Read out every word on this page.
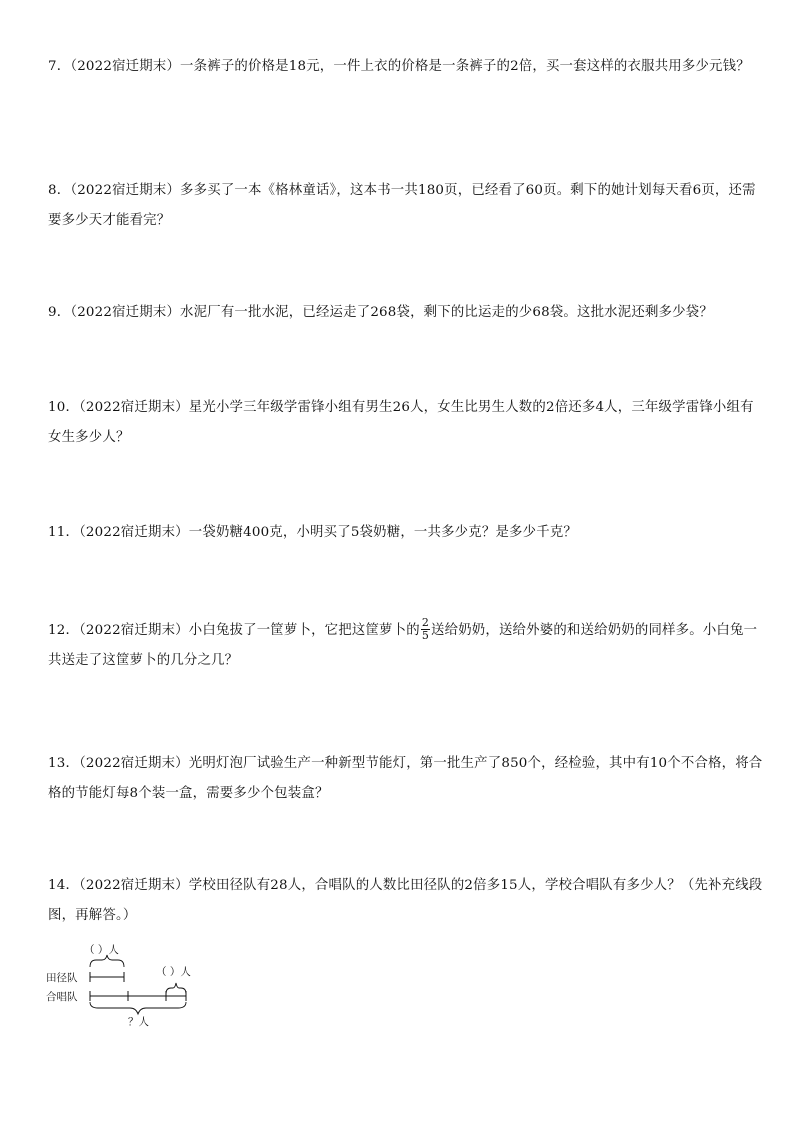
7．（2022宿迁期末）一条裤子的价格是18元，一件上衣的价格是一条裤子的2倍，买一套这样的衣服共用多少元钱？

8．（2022宿迁期末）多多买了一本《格林童话》，这本书一共180页，已经看了60页。剩下的她计划每天看6页，还需要多少天才能看完？

9．（2022宿迁期末）水泥厂有一批水泥，已经运走了268袋，剩下的比运走的少68袋。这批水泥还剩多少袋？

10．（2022宿迁期末）星光小学三年级学雷锋小组有男生26人，女生比男生人数的2倍还多4人，三年级学雷锋小组有女生多少人？

11．（2022宿迁期末）一袋奶糖400克，小明买了5袋奶糖，一共多少克？是多少千克？

12．（2022宿迁期末）小白兔拔了一筐萝卜，它把这筐萝卜的 $\frac{2}{5}$ 送给奶奶，送给外婆的和送给奶奶的同样多。小白兔一共送走了这筐萝卜的几分之几？

13．（2022宿迁期末）光明灯泡厂试验生产一种新型节能灯，第一批生产了850个，经检验，其中有10个不合格，将合格的节能灯每8个装一盒，需要多少个包装盒？

14．（2022宿迁期末）学校田径队有28人，合唱队的人数比田径队的2倍多15人，学校合唱队有多少人？（先补充线段图，再解答。）

（ ）人
田径队	（ ）人
合唱队
？人
